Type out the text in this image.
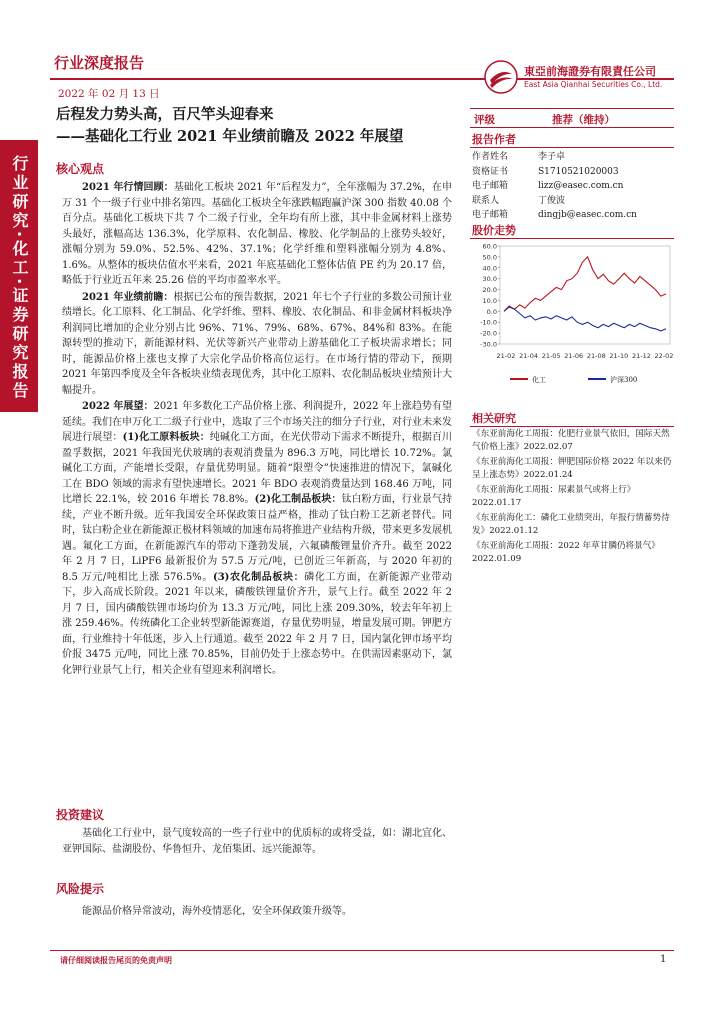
行业深度报告
2022 年 02 月 13 日
東亞前海證券有限責任公司
East Asia Qianhai Securities Co., Ltd.
行业研究·化工·证券研究报告
后程发力势头高，百尺竿头迎春来
——基础化工行业 2021 年业绩前瞻及 2022 年展望
核心观点

2021 年行情回顾：基础化工板块 2021 年“后程发力”，全年涨幅为 37.2%，在申万 31 个一级子行业中排名第四。基础化工板块全年涨跌幅跑赢沪深 300 指数 40.08 个百分点。基础化工板块下共 7 个二级子行业，全年均有所上涨，其中非金属材料上涨势头最好，涨幅高达 136.3%，化学原料、农化制品、橡胶、化学制品的上涨势头较好，涨幅分别为 59.0%、52.5%、42%、37.1%；化学纤维和塑料涨幅分别为 4.8%、1.6%。从整体的板块估值水平来看，2021 年底基础化工整体估值 PE 约为 20.17 倍，略低于行业近五年来 25.26 倍的平均市盈率水平。

2021 年业绩前瞻：根据已公布的预告数据，2021 年七个子行业的多数公司预计业绩增长。化工原料、化工制品、化学纤维、塑料、橡胶、农化制品、和非金属材料板块净利润同比增加的企业分别占比 96%、71%、79%、68%、67%、84%和 83%。在能源转型的推动下，新能源材料、光伏等新兴产业带动上游基础化工子板块需求增长；同时，能源品价格上涨也支撑了大宗化学品价格高位运行。在市场行情的带动下，预期 2021 年第四季度及全年各板块业绩表现优秀，其中化工原料、农化制品板块业绩预计大幅提升。

2022 年展望：2021 年多数化工产品价格上涨、利润提升，2022 年上涨趋势有望延续。我们在申万化工二级子行业中，选取了三个市场关注的细分子行业，对行业未来发展进行展望：(1)化工原料板块：纯碱化工方面，在光伏带动下需求不断提升，根据百川盈孚数据，2021 年我国光伏玻璃的表观消费量为 896.3 万吨，同比增长 10.72%。氯碱化工方面，产能增长受限，存量优势明显。随着“限塑令”快速推进的情况下，氯碱化工在 BDO 领域的需求有望快速增长。2021 年 BDO 表观消费量达到 168.46 万吨，同比增长 22.1%，较 2016 年增长 78.8%。(2)化工制品板块：钛白粉方面，行业景气持续，产业不断升级。近年我国安全环保政策日益严格，推动了钛白粉工艺新老替代。同时，钛白粉企业在新能源正极材料领域的加速布局将推进产业结构升级，带来更多发展机遇。氟化工方面，在新能源汽车的带动下蓬勃发展，六氟磷酸锂量价齐升。截至 2022 年 2 月 7 日，LiPF6 最新报价为 57.5 万元/吨，已创近三年新高，与 2020 年初的 8.5 万元/吨相比上涨 576.5%。(3)农化制品板块：磷化工方面，在新能源产业带动下，步入高成长阶段。2021 年以来，磷酸铁锂量价齐升，景气上行。截至 2022 年 2 月 7 日，国内磷酸铁锂市场均价为 13.3 万元/吨，同比上涨 209.30%，较去年年初上涨 259.46%。传统磷化工企业转型新能源赛道，存量优势明显，增量发展可期。钾肥方面，行业维持十年低迷，步入上行通道。截至 2022 年 2 月 7 日，国内氯化钾市场平均价报 3475 元/吨，同比上涨 70.85%，目前仍处于上涨态势中。在供需因素驱动下，氯化钾行业景气上行，相关企业有望迎来利润增长。

投资建议

基础化工行业中，景气度较高的一些子行业中的优质标的或将受益，如：湖北宜化、亚钾国际、盐湖股份、华鲁恒升、龙佰集团、远兴能源等。

风险提示

能源品价格异常波动，海外疫情恶化，安全环保政策升级等。

评级	推荐（维持）
报告作者
作者姓名	李子卓
资格证书	S1710521020003
电子邮箱	lizz@easec.com.cn
联系人	丁俊波
电子邮箱	dingjb@easec.com.cn
股价走势
60.0
50.0
40.0
30.0
20.0
10.0
0.0
-10.0
-20.0
-30.0
21-02 21-04 21-05 21-06 21-08 21-10 21-12 22-02
化工	沪深300
相关研究
《东亚前海化工周报：化肥行业景气依旧，国际天然气价格上涨》2022.02.07
《东亚前海化工周报：钾肥国际价格 2022 年以来仍呈上涨态势》2022.01.24
《东亚前海化工周报：尿素景气或将上行》2022.01.17
《东亚前海化工：磷化工业绩突出，年报行情蓄势待发》2022.01.12
《东亚前海化工周报：2022 年草甘膦仍将景气》2022.01.09
请仔细阅读报告尾页的免责声明	1
